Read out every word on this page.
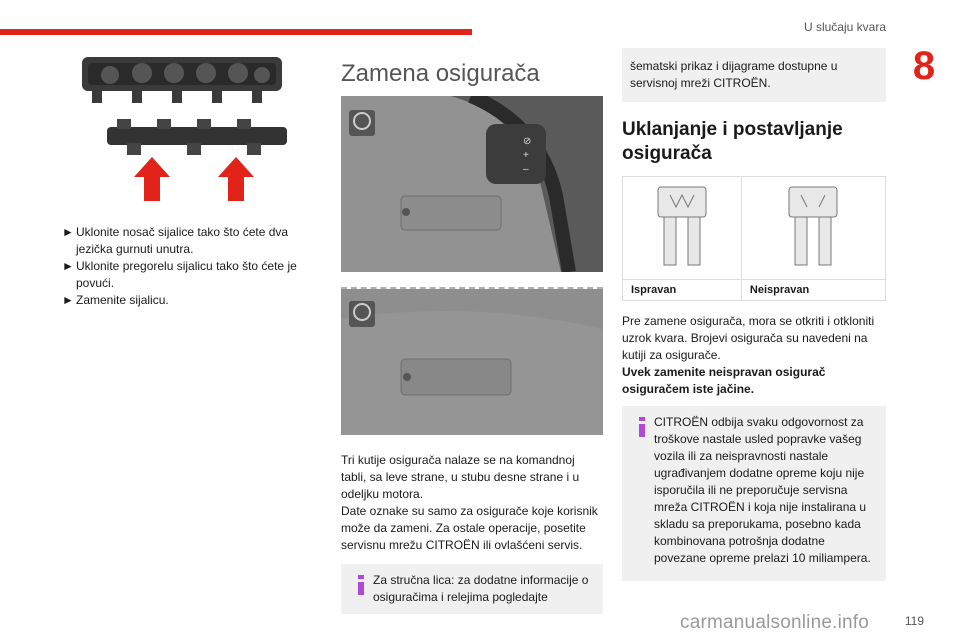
U slučaju kvara
8
► Uklonite nosač sijalice tako što ćete dva jezička gurnuti unutra.
► Uklonite pregorelu sijalicu tako što ćete je povući.
► Zamenite sijalicu.
Zamena osigurača
⊘
+
–

Tri kutije osigurača nalaze se na komandnoj tabli, sa leve strane, u stubu desne strane i u odeljku motora.

Date oznake su samo za osigurače koje korisnik može da zameni. Za ostale operacije, posetite servisnu mrežu CITROËN ili ovlašćeni servis.

Za stručna lica: za dodatne informacije o osiguračima i relejima pogledajte
šematski prikaz i dijagrame dostupne u servisnoj mreži CITROËN.
Uklanjanje i postavljanje osigurača

Ispravan	Neispravan

Pre zamene osigurača, mora se otkriti i otkloniti uzrok kvara. Brojevi osigurača su navedeni na kutiji za osigurače.

Uvek zamenite neispravan osigurač osiguračem iste jačine.

CITROËN odbija svaku odgovornost za troškove nastale usled popravke vašeg vozila ili za neispravnosti nastale ugrađivanjem dodatne opreme koju nije isporučila ili ne preporučuje servisna mreža CITROËN i koja nije instalirana u skladu sa preporukama, posebno kada kombinovana potrošnja dodatne povezane opreme prelazi 10 miliampera.
carmanualsonline.info	119
